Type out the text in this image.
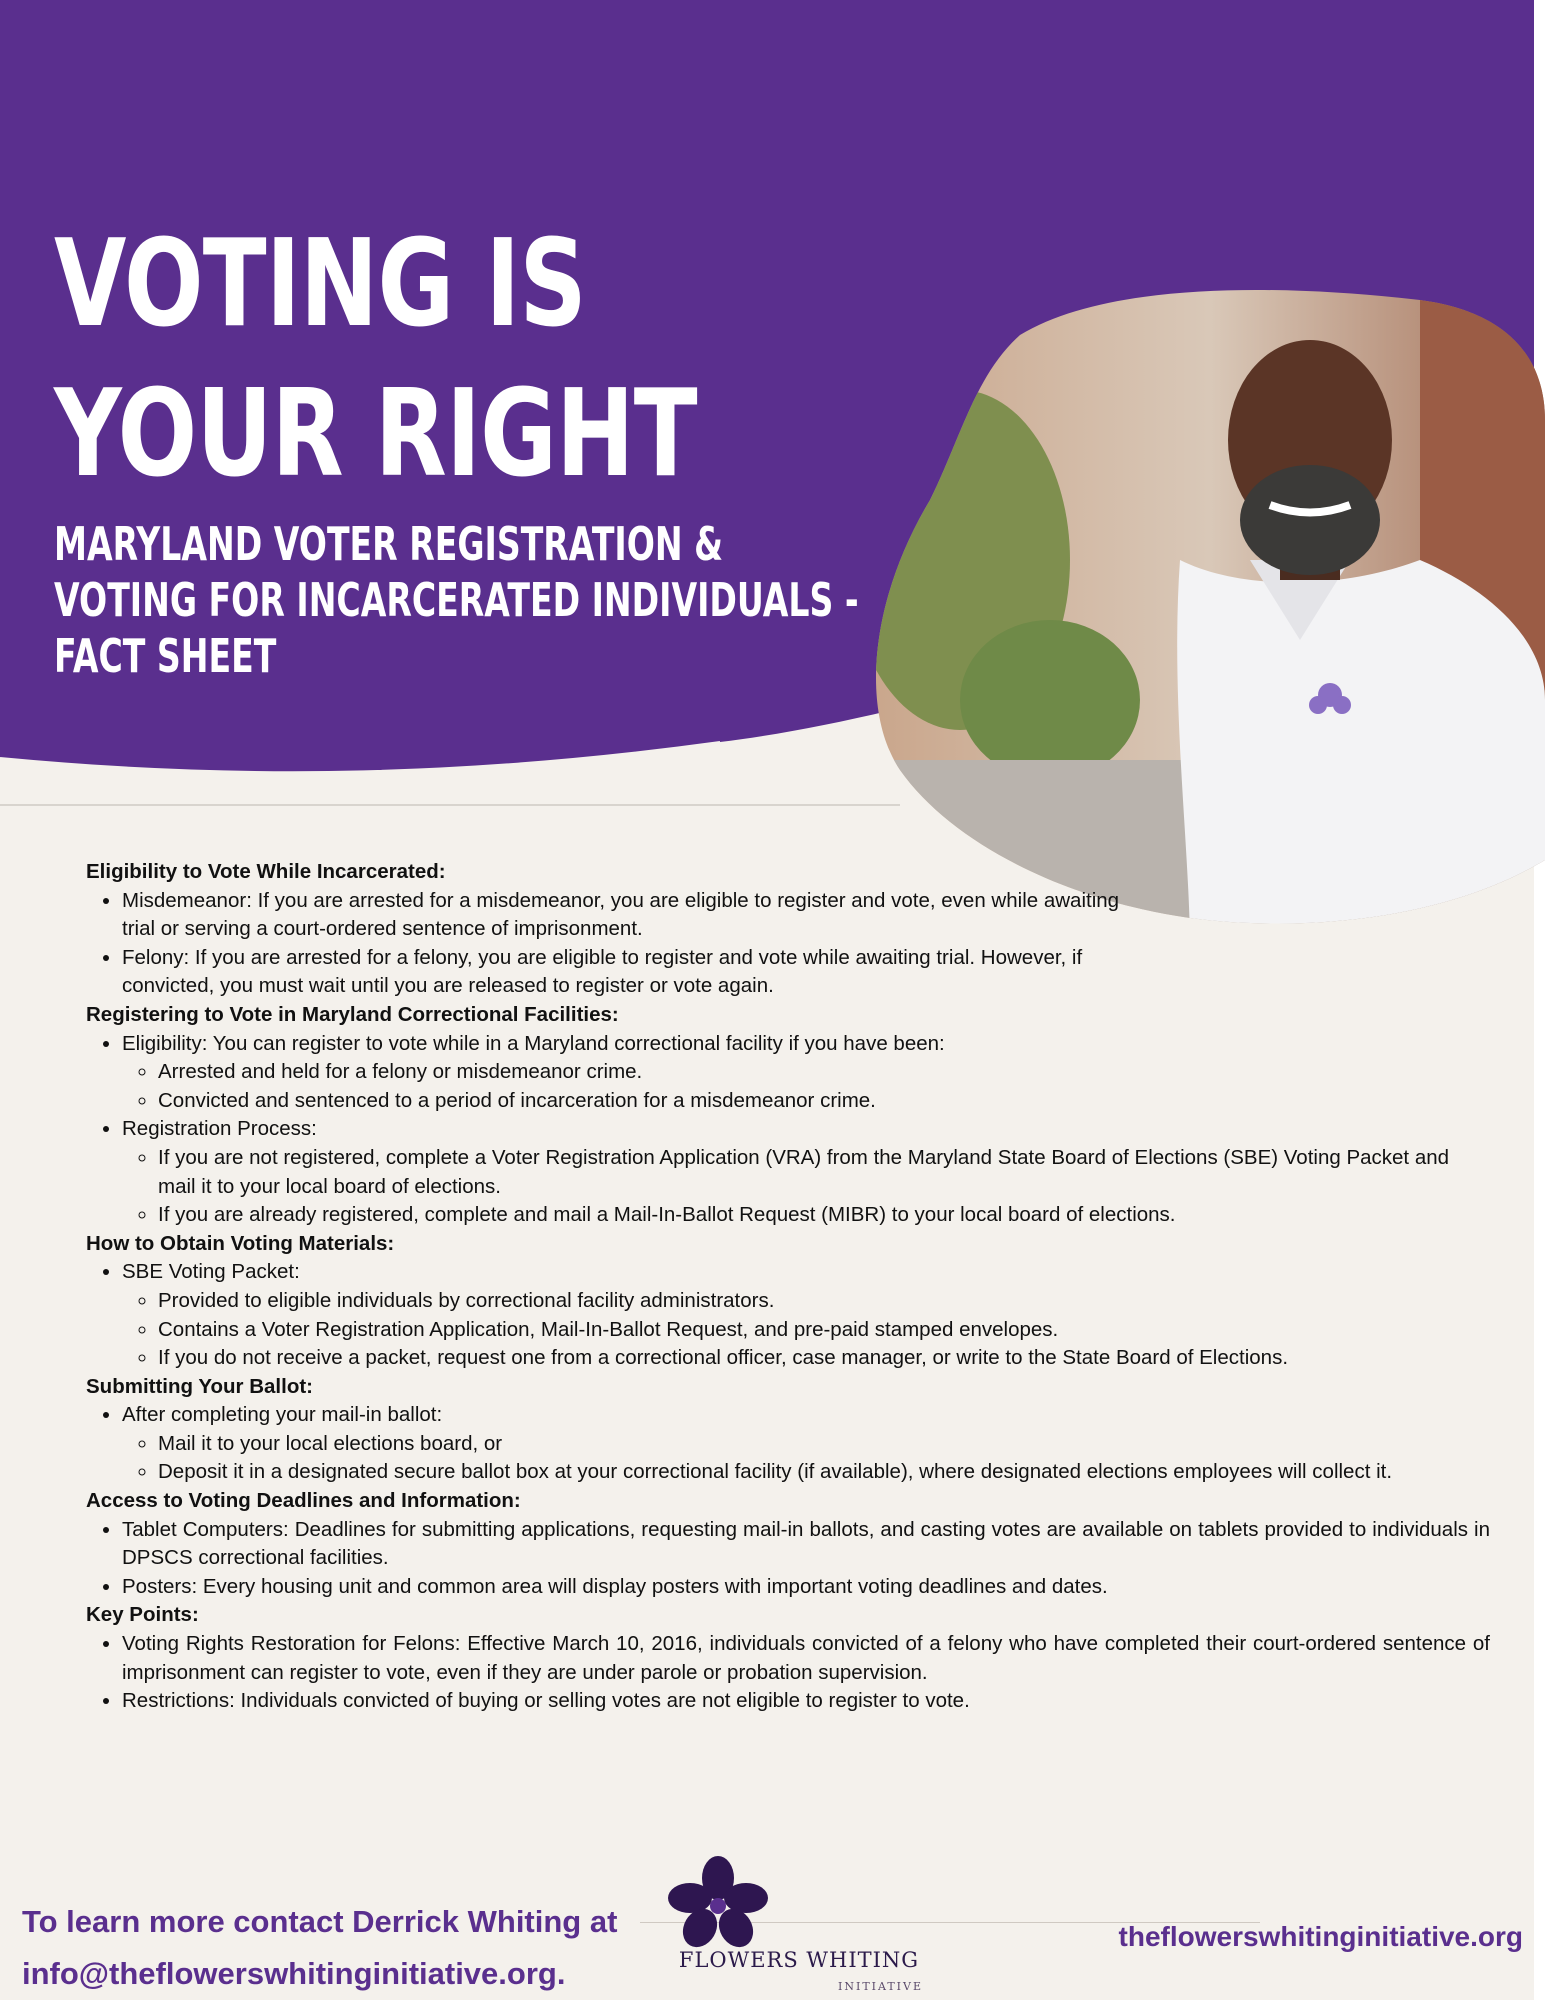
VOTING IS
YOUR RIGHT
MARYLAND VOTER REGISTRATION &
VOTING FOR INCARCERATED INDIVIDUALS -
FACT SHEET
Eligibility to Vote While Incarcerated:
• Misdemeanor: If you are arrested for a misdemeanor, you are eligible to register and vote, even while awaiting trial or serving a court-ordered sentence of imprisonment.
• Felony: If you are arrested for a felony, you are eligible to register and vote while awaiting trial. However, if convicted, you must wait until you are released to register or vote again.
Registering to Vote in Maryland Correctional Facilities:
• Eligibility: You can register to vote while in a Maryland correctional facility if you have been:
◦ Arrested and held for a felony or misdemeanor crime.
◦ Convicted and sentenced to a period of incarceration for a misdemeanor crime.
• Registration Process:
◦ If you are not registered, complete a Voter Registration Application (VRA) from the Maryland State Board of Elections (SBE) Voting Packet and mail it to your local board of elections.
◦ If you are already registered, complete and mail a Mail-In-Ballot Request (MIBR) to your local board of elections.
How to Obtain Voting Materials:
• SBE Voting Packet:
◦ Provided to eligible individuals by correctional facility administrators.
◦ Contains a Voter Registration Application, Mail-In-Ballot Request, and pre-paid stamped envelopes.
◦ If you do not receive a packet, request one from a correctional officer, case manager, or write to the State Board of Elections.
Submitting Your Ballot:
• After completing your mail-in ballot:
◦ Mail it to your local elections board, or
◦ Deposit it in a designated secure ballot box at your correctional facility (if available), where designated elections employees will collect it.
Access to Voting Deadlines and Information:
• Tablet Computers: Deadlines for submitting applications, requesting mail-in ballots, and casting votes are available on tablets provided to individuals in DPSCS correctional facilities.
• Posters: Every housing unit and common area will display posters with important voting deadlines and dates.
Key Points:
• Voting Rights Restoration for Felons: Effective March 10, 2016, individuals convicted of a felony who have completed their court-ordered sentence of imprisonment can register to vote, even if they are under parole or probation supervision.
• Restrictions: Individuals convicted of buying or selling votes are not eligible to register to vote.

To learn more contact Derrick Whiting at
info@theflowerswhitinginitiative.org.	FLOWERS WHITING
INITIATIVE
theflowerswhitinginitiative.org
